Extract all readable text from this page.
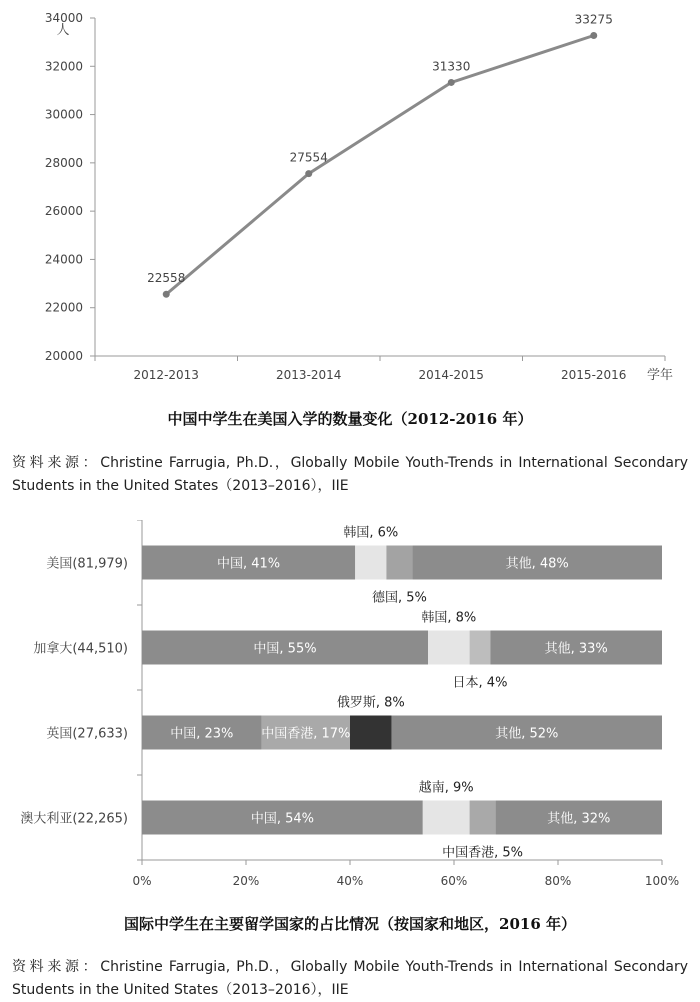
20000
22000
24000
26000
28000
30000
32000
34000
2012-2013	2013-2014	2014-2015	2015-2016
人
学年
22558
27554
31330
33275
中国中学生在美国入学的数量变化（2012-2016 年）
资料来源：Christine Farrugia, Ph.D.，Globally Mobile Youth-Trends in International Secondary Students in the United States（2013–2016），IIE
0%	20%	40%	60%	80%	100%
美国(81,979)	中国, 41%
韩国, 6%
德国, 5%
其他, 48%
加拿大(44,510)	中国, 55%
韩国, 8%
日本, 4%
其他, 33%
英国(27,633)	中国, 23% 中国香港, 17%
俄罗斯, 8%
其他, 52%
澳大利亚(22,265)	中国, 54%
越南, 9%
中国香港, 5%
其他, 32%
国际中学生在主要留学国家的占比情况（按国家和地区，2016 年）
资料来源：Christine Farrugia, Ph.D.，Globally Mobile Youth-Trends in International Secondary Students in the United States（2013–2016），IIE
